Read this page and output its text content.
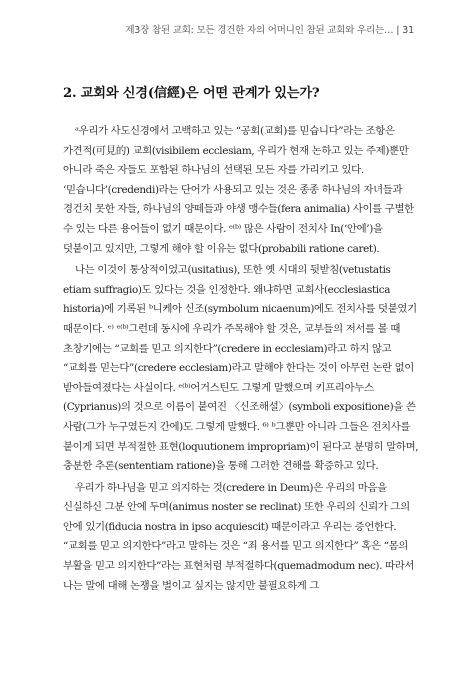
제3장 참된 교회: 모든 경건한 자의 어머니인 참된 교회와 우리는… | 31
2. 교회와 신경(信經)은 어떤 관계가 있는가?

ᵃ우리가 사도신경에서 고백하고 있는 “공회(교회)를 믿습니다”라는 조항은 가견적(可見的) 교회(visibilem ecclesiam, 우리가 현재 논하고 있는 주제)뿐만 아니라 죽은 자들도 포함된 하나님의 선택된 모든 자를 가리키고 있다. ‘믿습니다’(credendi)라는 단어가 사용되고 있는 것은 종종 하나님의 자녀들과 경건치 못한 자들, 하나님의 양떼들과 야생 맹수들(fera animalia) 사이를 구별한 수 있는 다른 용어들이 없기 때문이다. ᵉ⁽ᵇ⁾ 많은 사람이 전치사 In(‘안에’)을 덧붙이고 있지만, 그렇게 해야 할 이유는 없다(probabili ratione caret).

나는 이것이 통상적이었고(usitatius), 또한 옛 시대의 뒷받침(vetustatis etiam suffragio)도 있다는 것을 인정한다. 왜냐하면 교회사(ecclesiastica historia)에 기록된 ᵇ니케아 신조(symbolum nicaenum)에도 전치사를 덧붙였기 때문이다. ᵉ⁾ ᵉ⁽ᵇ⁾그런데 동시에 우리가 주목해야 할 것은, 교부들의 저서를 볼 때 초창기에는 “교회를 믿고 의지한다”(credere in ecclesiam)라고 하지 않고 “교회를 믿는다”(credere ecclesiam)라고 말해야 한다는 것이 아무런 논란 없이 받아들여졌다는 사실이다. ᵉ⁽ᵇ⁾어거스틴도 그렇게 말했으며 키프리아누스(Cyprianus)의 것으로 이름이 붙여진 〈신조해설〉(symboli expositione)을 쓴 사람(그가 누구였든지 간에)도 그렇게 말했다. ⁶⁾ ᵇ그뿐만 아니라 그들은 전치사를 붙이게 되면 부적절한 표현(loquutionem impropriam)이 된다고 분명히 말하며, 충분한 추론(sententiam ratione)을 통해 그러한 견해를 확증하고 있다.

우리가 하나님을 믿고 의지하는 것(credere in Deum)은 우리의 마음을 신실하신 그분 안에 두며(animus noster se reclinat) 또한 우리의 신뢰가 그의 안에 있기(fiducia nostra in ipso acquiescit) 때문이라고 우리는 증언한다. “교회를 믿고 의지한다”라고 말하는 것은 “죄 용서를 믿고 의지한다” 혹은 “몸의 부활을 믿고 의지한다”라는 표현처럼 부적절하다(quemadmodum nec). 따라서 나는 말에 대해 논쟁을 벌이고 싶지는 않지만 불필요하게 그
